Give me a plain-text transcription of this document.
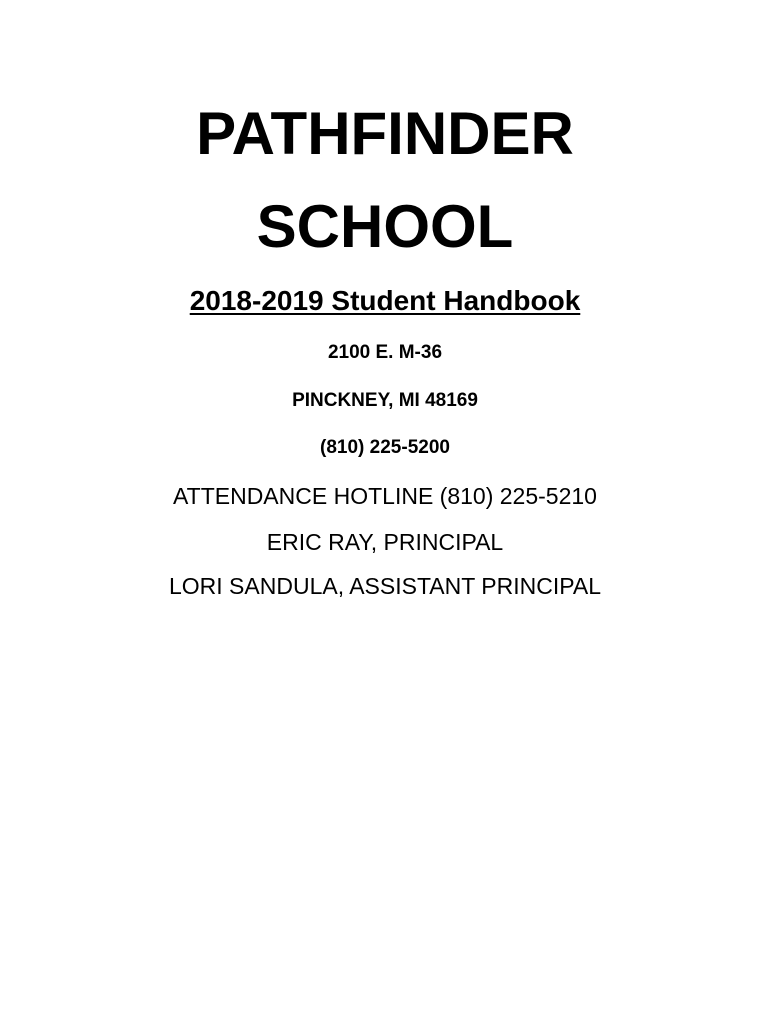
PATHFINDER
SCHOOL
2018-2019 Student Handbook
2100 E. M-36
PINCKNEY, MI 48169
(810) 225-5200
ATTENDANCE HOTLINE (810) 225-5210
ERIC RAY, PRINCIPAL
LORI SANDULA, ASSISTANT PRINCIPAL
